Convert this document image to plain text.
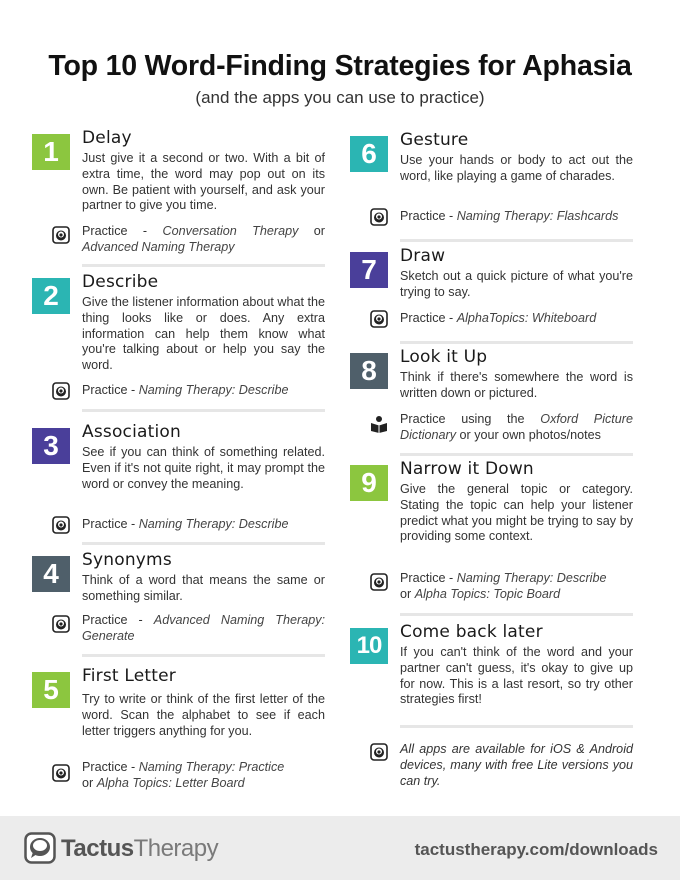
Top 10 Word-Finding Strategies for Aphasia
(and the apps you can use to practice)
1	Delay
Just give it a second or two. With a bit of extra time, the word may pop out on its own. Be patient with yourself, and ask your partner to give you time.
Practice - Conversation Therapy or Advanced Naming Therapy
2	Describe
Give the listener information about what the thing looks like or does. Any extra information can help them know what you're talking about or help you say the word.
Practice - Naming Therapy: Describe
3	Association
See if you can think of something related. Even if it's not quite right, it may prompt the word or convey the meaning.
Practice - Naming Therapy: Describe
4	Synonyms
Think of a word that means the same or something similar.
Practice - Advanced Naming Therapy: Generate
5	First Letter
Try to write or think of the first letter of the word. Scan the alphabet to see if each letter triggers anything for you.
Practice - Naming Therapy: Practice
or Alpha Topics: Letter Board
6	Gesture
Use your hands or body to act out the word, like playing a game of charades.
Practice - Naming Therapy: Flashcards
7	Draw
Sketch out a quick picture of what you're trying to say.
Practice - AlphaTopics: Whiteboard
8	Look it Up
Think if there's somewhere the word is written down or pictured.
Practice using the Oxford Picture Dictionary or your own photos/notes
9	Narrow it Down
Give the general topic or category. Stating the topic can help your listener predict what you might be trying to say by providing some context.
Practice - Naming Therapy: Describe
or Alpha Topics: Topic Board
10	Come back later
If you can't think of the word and your partner can't guess, it's okay to give up for now. This is a last resort, so try other strategies first!
All apps are available for iOS & Android devices, many with free Lite versions you can try.
TactusTherapy	tactustherapy.com/downloads
